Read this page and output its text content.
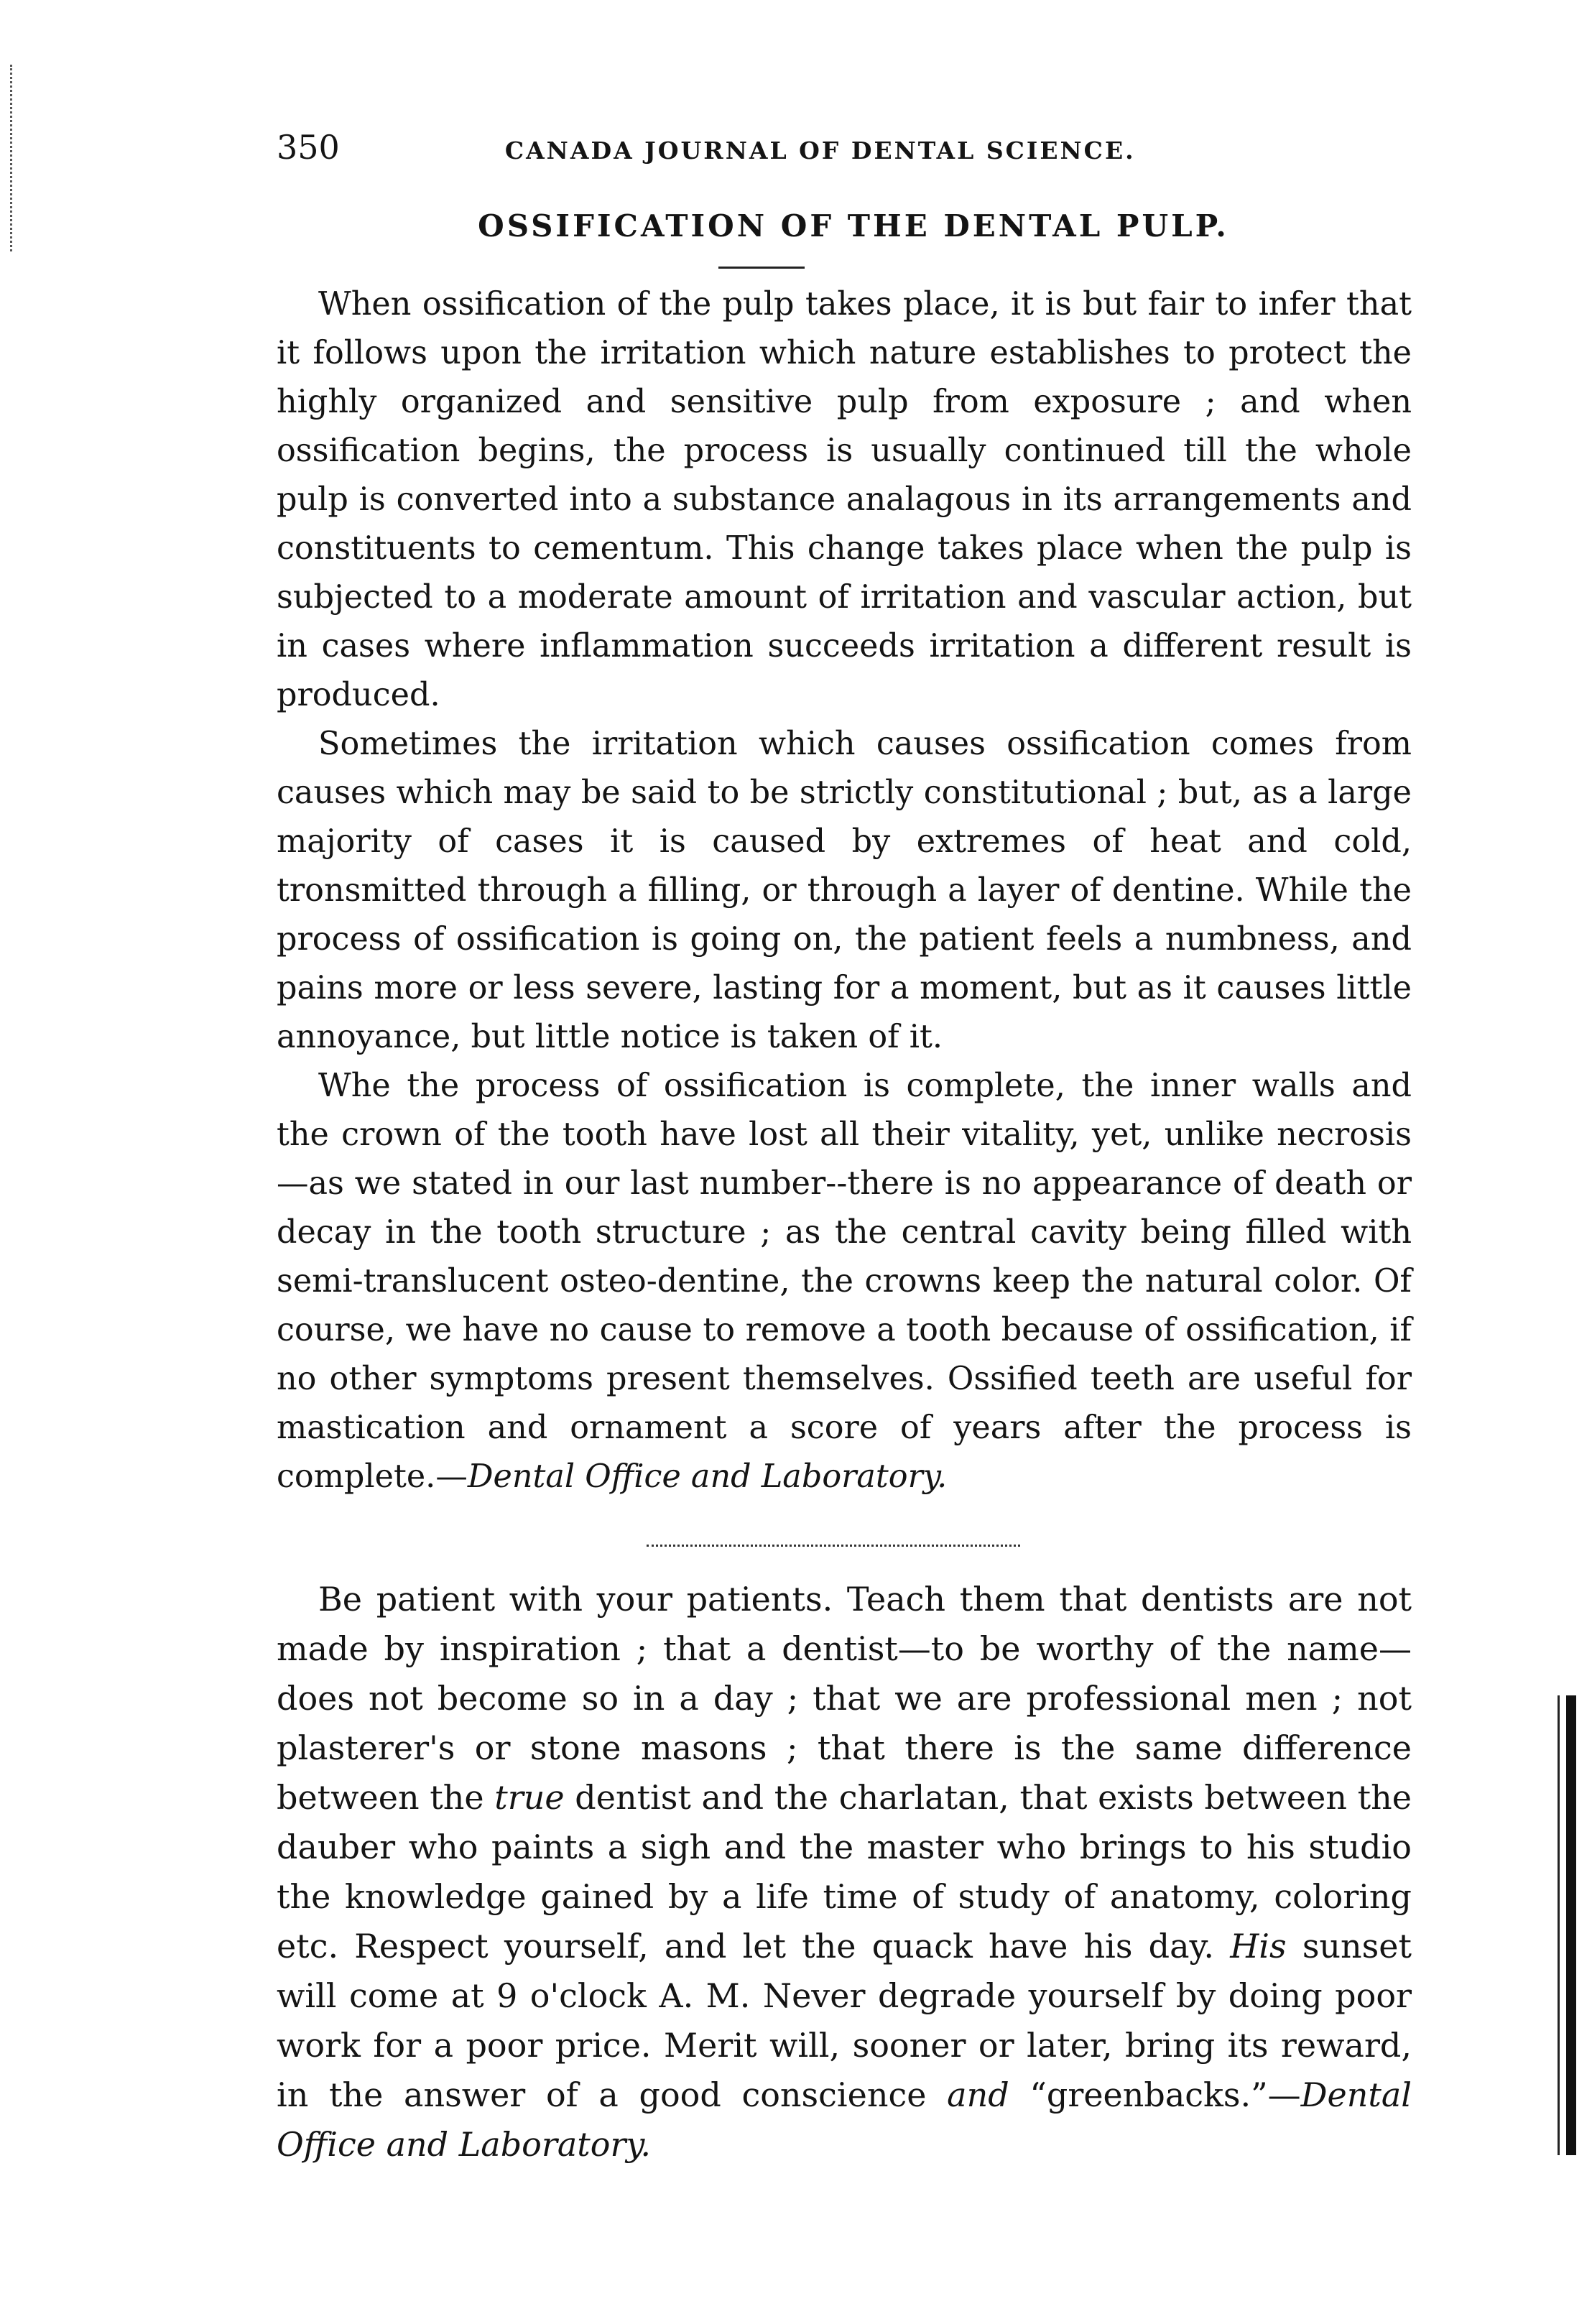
350	CANADA JOURNAL OF DENTAL SCIENCE.
OSSIFICATION OF THE DENTAL PULP.

When ossification of the pulp takes place, it is but fair to infer that it follows upon the irritation which nature establishes to protect the highly organized and sensitive pulp from exposure ; and when ossification begins, the process is usually continued till the whole pulp is converted into a substance analagous in its arrangements and constituents to cementum. This change takes place when the pulp is subjected to a moderate amount of irritation and vascular action, but in cases where inflammation succeeds irritation a different result is produced.

Sometimes the irritation which causes ossification comes from causes which may be said to be strictly constitutional ; but, as a large majority of cases it is caused by extremes of heat and cold, tronsmitted through a filling, or through a layer of dentine. While the process of ossification is going on, the patient feels a numbness, and pains more or less severe, lasting for a moment, but as it causes little annoyance, but little notice is taken of it.

Whe the process of ossification is complete, the inner walls and the crown of the tooth have lost all their vitality, yet, unlike necrosis—as we stated in our last number--there is no appearance of death or decay in the tooth structure ; as the central cavity being filled with semi-translucent osteo-dentine, the crowns keep the natural color. Of course, we have no cause to remove a tooth because of ossification, if no other symptoms present themselves. Ossified teeth are useful for mastication and ornament a score of years after the process is complete.—Dental Office and Laboratory.

Be patient with your patients. Teach them that dentists are not made by inspiration ; that a dentist—to be worthy of the name—does not become so in a day ; that we are professional men ; not plasterer's or stone masons ; that there is the same difference between the true dentist and the charlatan, that exists between the dauber who paints a sigh and the master who brings to his studio the knowledge gained by a life time of study of anatomy, coloring etc. Respect yourself, and let the quack have his day. His sunset will come at 9 o'clock A. M. Never degrade yourself by doing poor work for a poor price. Merit will, sooner or later, bring its reward, in the answer of a good conscience and “greenbacks.”—Dental Office and Laboratory.
